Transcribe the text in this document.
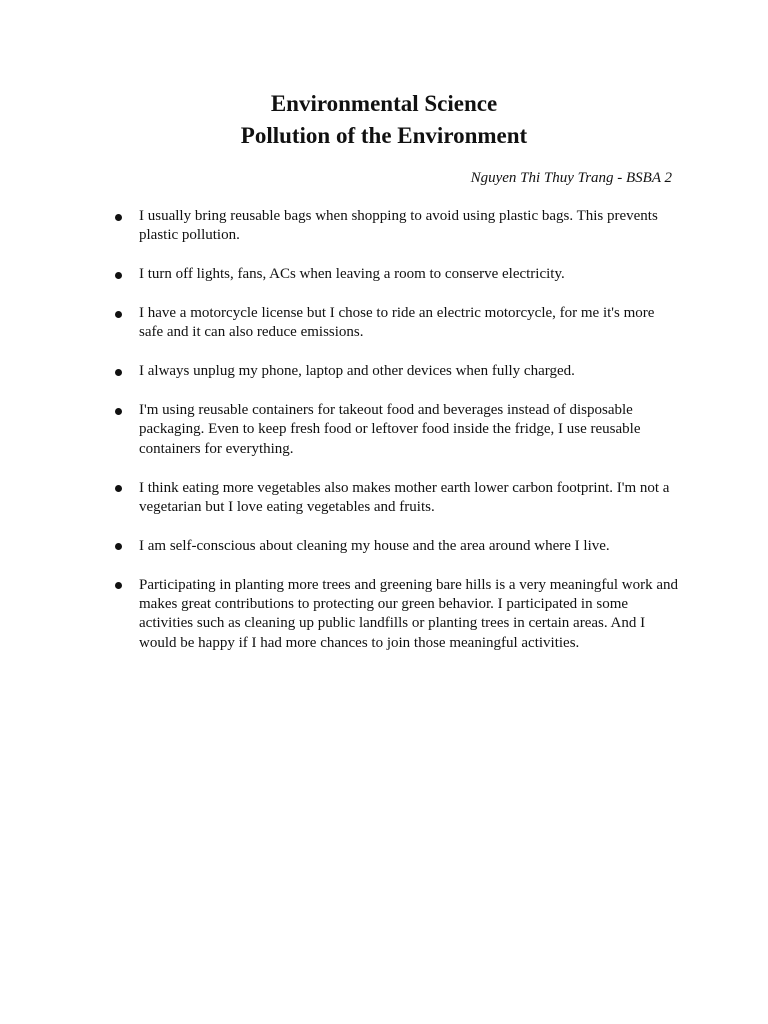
Environmental Science

Pollution of the Environment

Nguyen Thi Thuy Trang - BSBA 2
I usually bring reusable bags when shopping to avoid using plastic bags. This prevents plastic pollution.
I turn off lights, fans, ACs when leaving a room to conserve electricity.
I have a motorcycle license but I chose to ride an electric motorcycle, for me it's more safe and it can also reduce emissions.
I always unplug my phone, laptop and other devices when fully charged.
I'm using reusable containers for takeout food and beverages instead of disposable packaging. Even to keep fresh food or leftover food inside the fridge, I use reusable containers for everything.
I think eating more vegetables also makes mother earth lower carbon footprint. I'm not a vegetarian but I love eating vegetables and fruits.
I am self-conscious about cleaning my house and the area around where I live.
Participating in planting more trees and greening bare hills is a very meaningful work and makes great contributions to protecting our green behavior. I participated in some activities such as cleaning up public landfills or planting trees in certain areas. And I would be happy if I had more chances to join those meaningful activities.
